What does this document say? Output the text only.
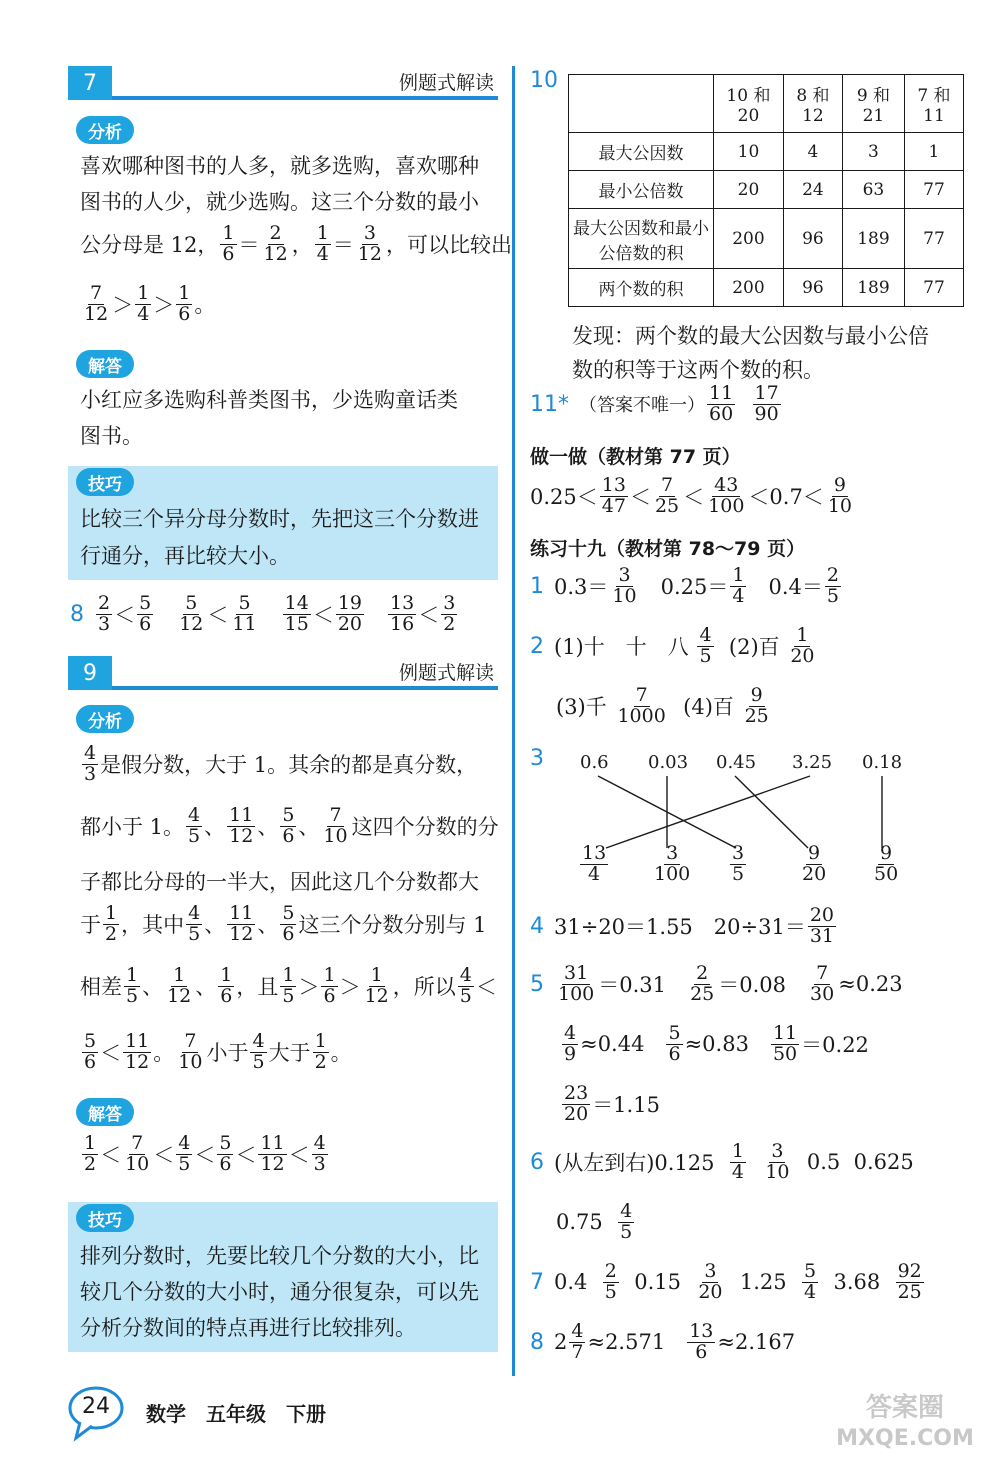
7	例题式解读
分析
喜欢哪种图书的人多，就多选购，喜欢哪种
图书的人少，就少选购。这三个分数的最小
公分母是 12， $\frac{1}{6} = \frac{2}{12}$ ， $\frac{1}{4} = \frac{3}{12}$ ，可以比较出
$\frac{7}{12} > \frac{1}{4} > \frac{1}{6}$ 。
解答
小红应多选购科普类图书，少选购童话类
图书。
技巧
比较三个异分母分数时，先把这三个分数进
行通分，再比较大小。
$8 \frac{2}{3} < \frac{5}{6}$
$\frac{5}{12} < \frac{5}{11}$
$\frac{14}{15} < \frac{19}{20}$
$\frac{13}{16} < \frac{3}{2}$
9	例题式解读
分析
$\frac{4}{3}$ 是假分数，大于 1。其余的都是真分数，
都小于 1。 $\frac{4}{5}$ 、 $\frac{11}{12}$ 、 $\frac{5}{6}$ 、 $\frac{7}{10}$ 这四个分数的分
子都比分母的一半大，因此这几个分数都大
于 $\frac{1}{2}$ ，其中 $\frac{4}{5}$ 、 $\frac{11}{12}$ 、 $\frac{5}{6}$ 这三个分数分别与 1
相差 $\frac{1}{5}$ 、 $\frac{1}{12}$ 、 $\frac{1}{6}$ ，且 $\frac{1}{5} > \frac{1}{6} > \frac{1}{12}$ ，所以 $\frac{4}{5}$ ＜
$\frac{5}{6} < \frac{11}{12}$ 。 $\frac{7}{10}$ 小于 $\frac{4}{5}$ 大于 $\frac{1}{2}$ 。
解答
$\frac{1}{2} < \frac{7}{10} < \frac{4}{5} < \frac{5}{6} < \frac{11}{12} < \frac{4}{3}$
技巧
排列分数时，先要比较几个分数的大小，比
较几个分数的大小时，通分很复杂，可以先
分析分数间的特点再进行比较排列。
10
	10 和 20	8 和 12	9 和 21	7 和 11
最大公因数	10	4	3	1
最小公倍数	20	24	63	77
最大公因数和最小公倍数的积	200	96	189	77
两个数的积	200	96	189	77
发现：两个数的最大公因数与最小公倍
数的积等于这两个数的积。
11* （答案不唯一） $\frac{11}{60}$
$\frac{17}{90}$
做一做（教材第 77 页）
$0.25< \frac{13}{47} < \frac{7}{25} < \frac{43}{100} <0.7< \frac{9}{10}$
练习十九（教材第 78～79 页）
1 $0.3= \frac{3}{10} 0.25= \frac{1}{4} 0.4= \frac{2}{5}$
2 (1)十　十　八
$\frac{4}{5}$
(2)百
$\frac{1}{20}$
(3)千
$\frac{7}{1000}$
(4)百
$\frac{9}{25}$
3 0.6 0.03 0.45 3.25 0.18
$\frac{13}{4} \frac{3}{100} \frac{3}{5}$	$\frac{9}{20} \frac{9}{50}$
4 31÷20＝1.55　$20\div 31= \frac{20}{31}$
$5 \frac{31}{100} =0.31 \frac{2}{25} =0.08 \frac{7}{30} \approx 0.23$
$\frac{4}{9} \approx 0.44 \frac{5}{6} \approx 0.83 \frac{11}{50} =0.22$
$\frac{23}{20} =1.15$
6 (从左到右)0.125
$\frac{1}{4}$
$\frac{3}{10}$
0.5
0.625
0.75
$\frac{4}{5}$
7 0.4
$\frac{2}{5}$
0.15
$\frac{3}{20}$
1.25
$\frac{5}{4}$
3.68
$\frac{92}{25}$
8 $2 \frac{4}{7} \approx 2.571 \frac{13}{6} \approx 2.167$
24	数学　五年级　下册	答案圈
MXQE.COM
